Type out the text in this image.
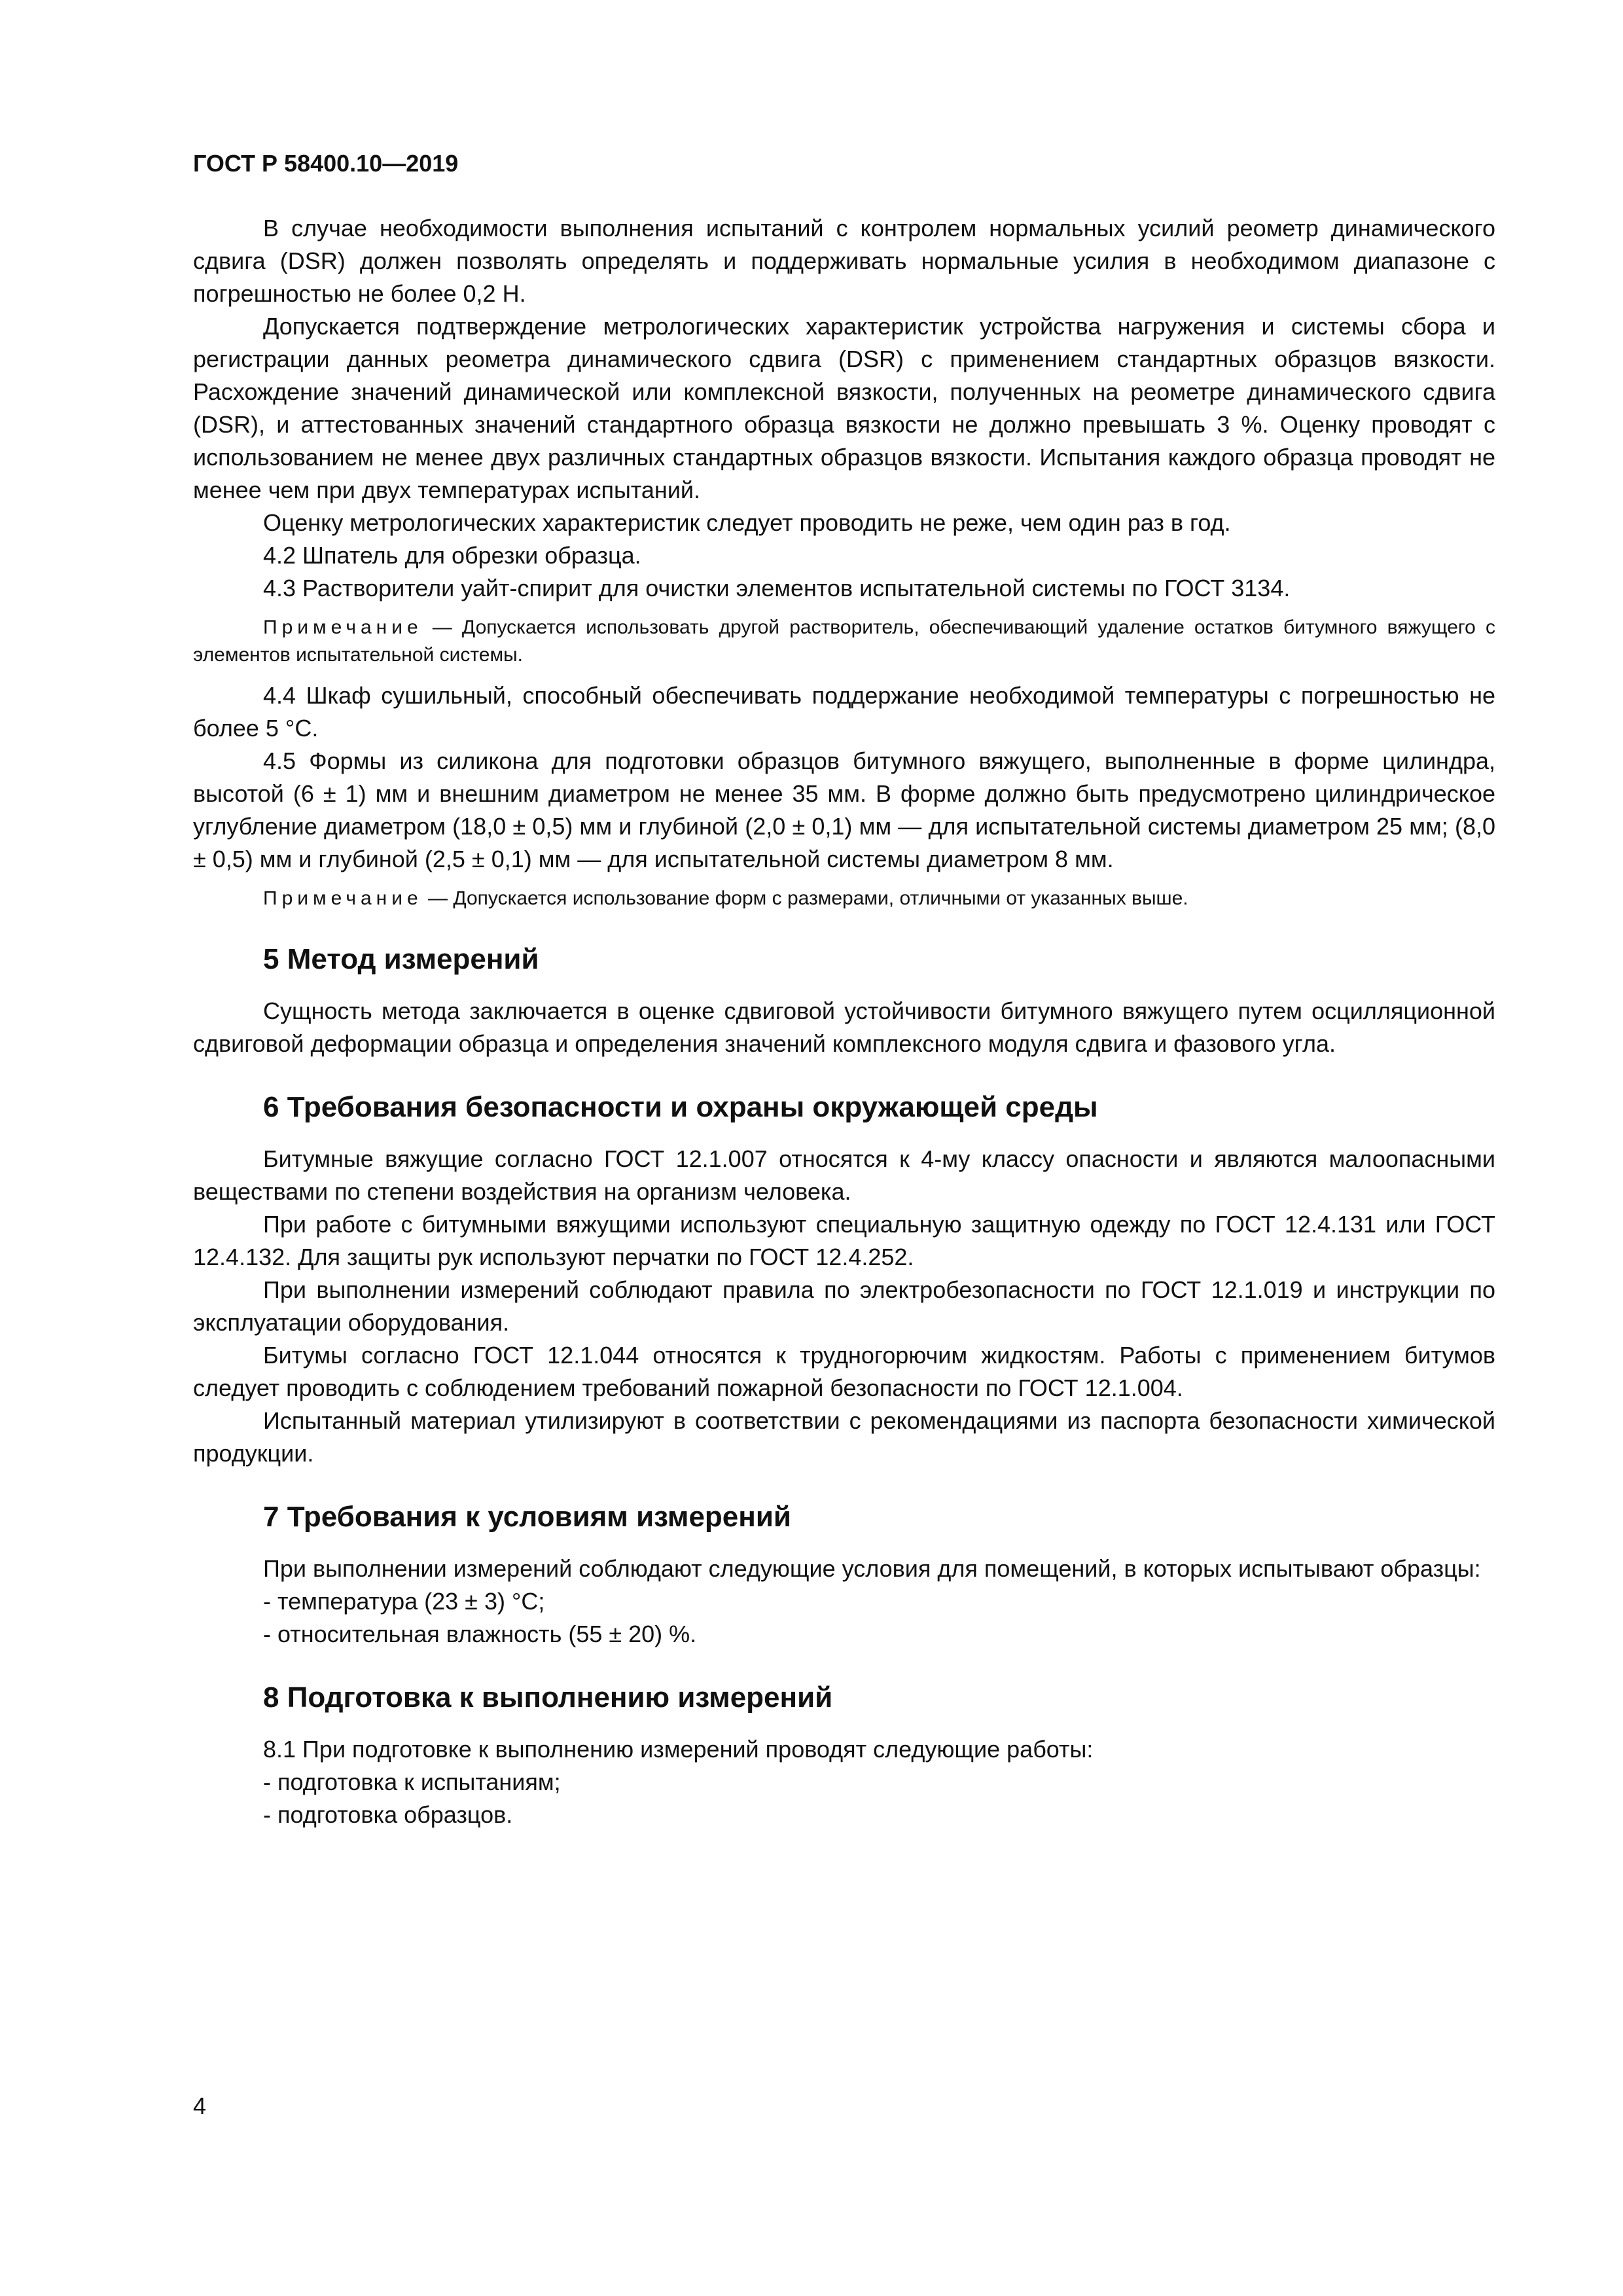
ГОСТ Р 58400.10—2019

В случае необходимости выполнения испытаний с контролем нормальных усилий реометр динамического сдвига (DSR) должен позволять определять и поддерживать нормальные усилия в необходимом диапазоне с погрешностью не более 0,2 Н.

Допускается подтверждение метрологических характеристик устройства нагружения и системы сбора и регистрации данных реометра динамического сдвига (DSR) с применением стандартных образцов вязкости. Расхождение значений динамической или комплексной вязкости, полученных на реометре динамического сдвига (DSR), и аттестованных значений стандартного образца вязкости не должно превышать 3 %. Оценку проводят с использованием не менее двух различных стандартных образцов вязкости. Испытания каждого образца проводят не менее чем при двух температурах испытаний.

Оценку метрологических характеристик следует проводить не реже, чем один раз в год.

4.2 Шпатель для обрезки образца.

4.3 Растворители уайт-спирит для очистки элементов испытательной системы по ГОСТ 3134.

Примечание — Допускается использовать другой растворитель, обеспечивающий удаление остатков битумного вяжущего с элементов испытательной системы.

4.4 Шкаф сушильный, способный обеспечивать поддержание необходимой температуры с погрешностью не более 5 °С.

4.5 Формы из силикона для подготовки образцов битумного вяжущего, выполненные в форме цилиндра, высотой (6 ± 1) мм и внешним диаметром не менее 35 мм. В форме должно быть предусмотрено цилиндрическое углубление диаметром (18,0 ± 0,5) мм и глубиной (2,0 ± 0,1) мм — для испытательной системы диаметром 25 мм; (8,0 ± 0,5) мм и глубиной (2,5 ± 0,1) мм — для испытательной системы диаметром 8 мм.

Примечание — Допускается использование форм с размерами, отличными от указанных выше.
5 Метод измерений

Сущность метода заключается в оценке сдвиговой устойчивости битумного вяжущего путем осцилляционной сдвиговой деформации образца и определения значений комплексного модуля сдвига и фазового угла.

6 Требования безопасности и охраны окружающей среды

Битумные вяжущие согласно ГОСТ 12.1.007 относятся к 4-му классу опасности и являются малоопасными веществами по степени воздействия на организм человека.

При работе с битумными вяжущими используют специальную защитную одежду по ГОСТ 12.4.131 или ГОСТ 12.4.132. Для защиты рук используют перчатки по ГОСТ 12.4.252.

При выполнении измерений соблюдают правила по электробезопасности по ГОСТ 12.1.019 и инструкции по эксплуатации оборудования.

Битумы согласно ГОСТ 12.1.044 относятся к трудногорючим жидкостям. Работы с применением битумов следует проводить с соблюдением требований пожарной безопасности по ГОСТ 12.1.004.

Испытанный материал утилизируют в соответствии с рекомендациями из паспорта безопасности химической продукции.

7 Требования к условиям измерений

При выполнении измерений соблюдают следующие условия для помещений, в которых испытывают образцы:

- температура (23 ± 3) °С;
- относительная влажность (55 ± 20) %.
8 Подготовка к выполнению измерений

8.1 При подготовке к выполнению измерений проводят следующие работы:

- подготовка к испытаниям;
- подготовка образцов.
4
